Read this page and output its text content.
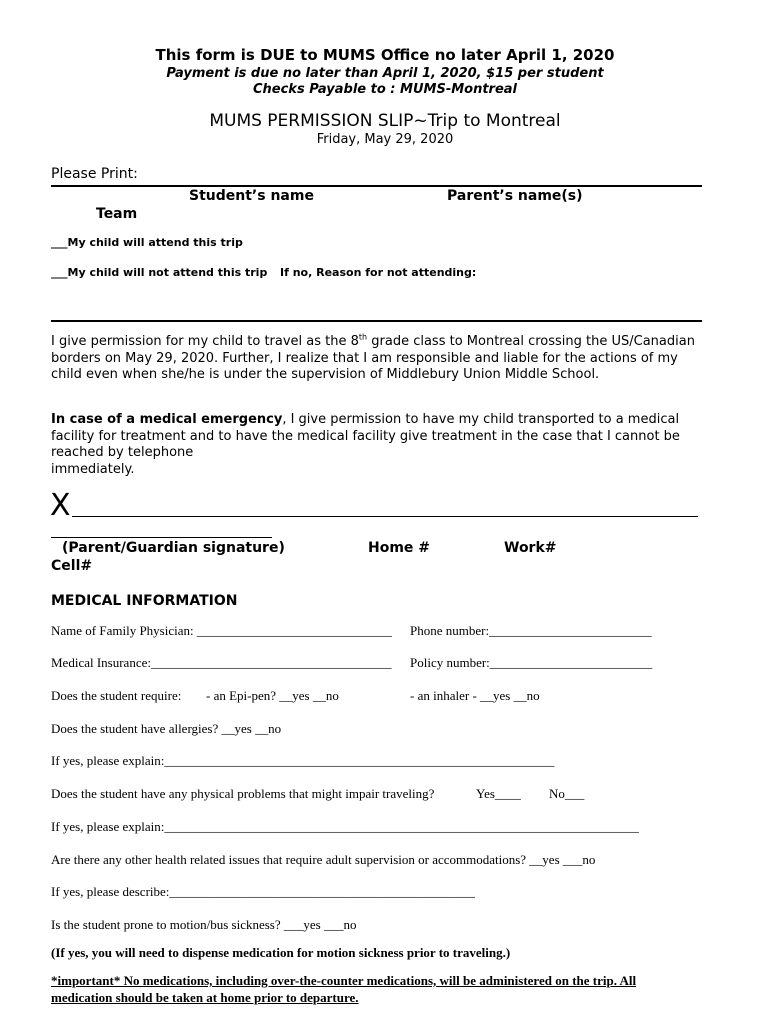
This form is DUE to MUMS Office no later April 1, 2020
Payment is due no later than April 1, 2020, $15 per student
Checks Payable to : MUMS-Montreal
MUMS PERMISSION SLIP~Trip to Montreal
Friday, May 29, 2020
Please Print:
Student’s name	Parent’s name(s)
Team
___My child will attend this trip
___My child will not attend this trip If no, Reason for not attending:
I give permission for my child to travel as the 8th grade class to Montreal crossing the US/Canadian borders on May 29, 2020. Further, I realize that I am responsible and liable for the actions of my child even when she/he is under the supervision of Middlebury Union Middle School.
In case of a medical emergency, I give permission to have my child transported to a medical facility for treatment and to have the medical facility give treatment in the case that I cannot be reached by telephone
immediately.
X
(Parent/Guardian signature)	Home #	Work#
Cell#
MEDICAL INFORMATION
Name of Family Physician: ______________________________ Phone number:_________________________
Medical Insurance:_____________________________________ Policy number:_________________________
Does the student require: - an Epi-pen? __yes __no	- an inhaler - __yes __no
Does the student have allergies? __yes __no
If yes, please explain:____________________________________________________________
Does the student have any physical problems that might impair traveling?	Yes____ No___
If yes, please explain:_________________________________________________________________________
Are there any other health related issues that require adult supervision or accommodations? __yes ___no
If yes, please describe:_______________________________________________
Is the student prone to motion/bus sickness? ___yes ___no
(If yes, you will need to dispense medication for motion sickness prior to traveling.)
*important* No medications, including over-the-counter medications, will be administered on the trip. All
medication should be taken at home prior to departure.
